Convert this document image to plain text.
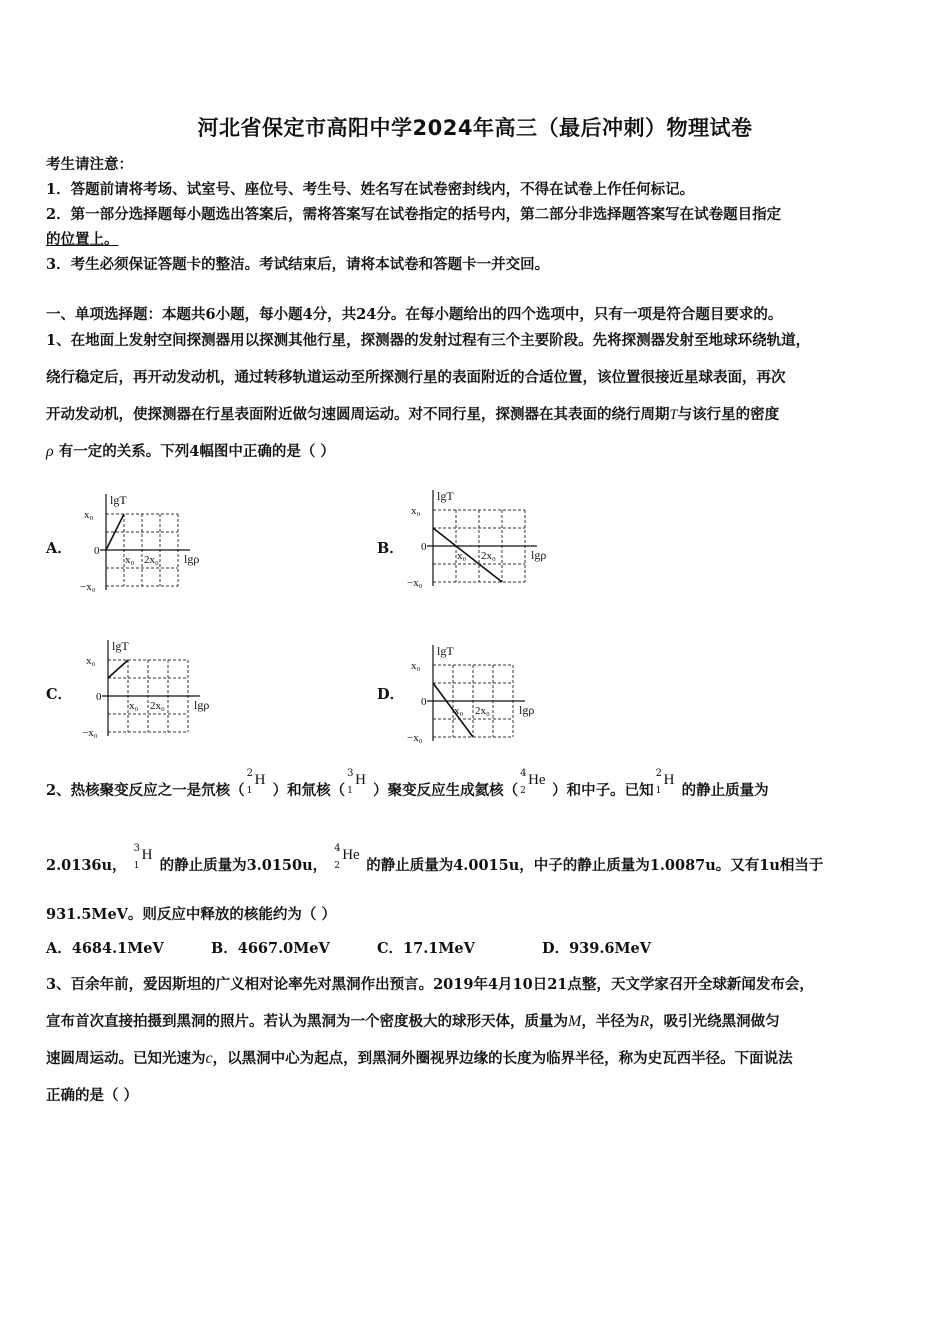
河北省保定市高阳中学2024年高三（最后冲刺）物理试卷
考生请注意：
1．答题前请将考场、试室号、座位号、考生号、姓名写在试卷密封线内，不得在试卷上作任何标记。
2．第一部分选择题每小题选出答案后，需将答案写在试卷指定的括号内，第二部分非选择题答案写在试卷题目指定
的位置上。
3．考生必须保证答题卡的整洁。考试结束后，请将本试卷和答题卡一并交回。
一、单项选择题：本题共6小题，每小题4分，共24分。在每小题给出的四个选项中，只有一项是符合题目要求的。
1、在地面上发射空间探测器用以探测其他行星，探测器的发射过程有三个主要阶段。先将探测器发射至地球环绕轨道，
绕行稳定后，再开动发动机，通过转移轨道运动至所探测行星的表面附近的合适位置，该位置很接近星球表面，再次
开动发动机，使探测器在行星表面附近做匀速圆周运动。对不同行星，探测器在其表面的绕行周期T与该行星的密度
ρ 有一定的关系。下列4幅图中正确的是（ ）
A．	B．
C．	D．
lgT
x₀
0
−x₀
x₀ 2x₀ lgρ
lgT
x₀
0
−x₀
x₀ 2x₀	lgρ
lgT
x₀
0
−x₀
x₀ 2x₀ lgρ
lgT
x₀
0
−x₀
x₀ 2x₀ lgρ
2、热核聚变反应之一是氘核（
2
1
H
）和氚核（
3
1
H
）聚变反应生成氦核（
4
2
He
）和中子。已知
2
1
H
的静止质量为
2.0136u，
3
1
H
的静止质量为3.0150u，
4
2
He
的静止质量为4.0015u，中子的静止质量为1.0087u。又有1u相当于
931.5MeV。则反应中释放的核能约为（ ）
A．4684.1MeV	B．4667.0MeV	C．17.1MeV	D．939.6MeV
3、百余年前，爱因斯坦的广义相对论率先对黑洞作出预言。2019年4月10日21点整，天文学家召开全球新闻发布会，
宣布首次直接拍摄到黑洞的照片。若认为黑洞为一个密度极大的球形天体，质量为M，半径为R，吸引光绕黑洞做匀
速圆周运动。已知光速为c，以黑洞中心为起点，到黑洞外圈视界边缘的长度为临界半径，称为史瓦西半径。下面说法
正确的是（ ）
